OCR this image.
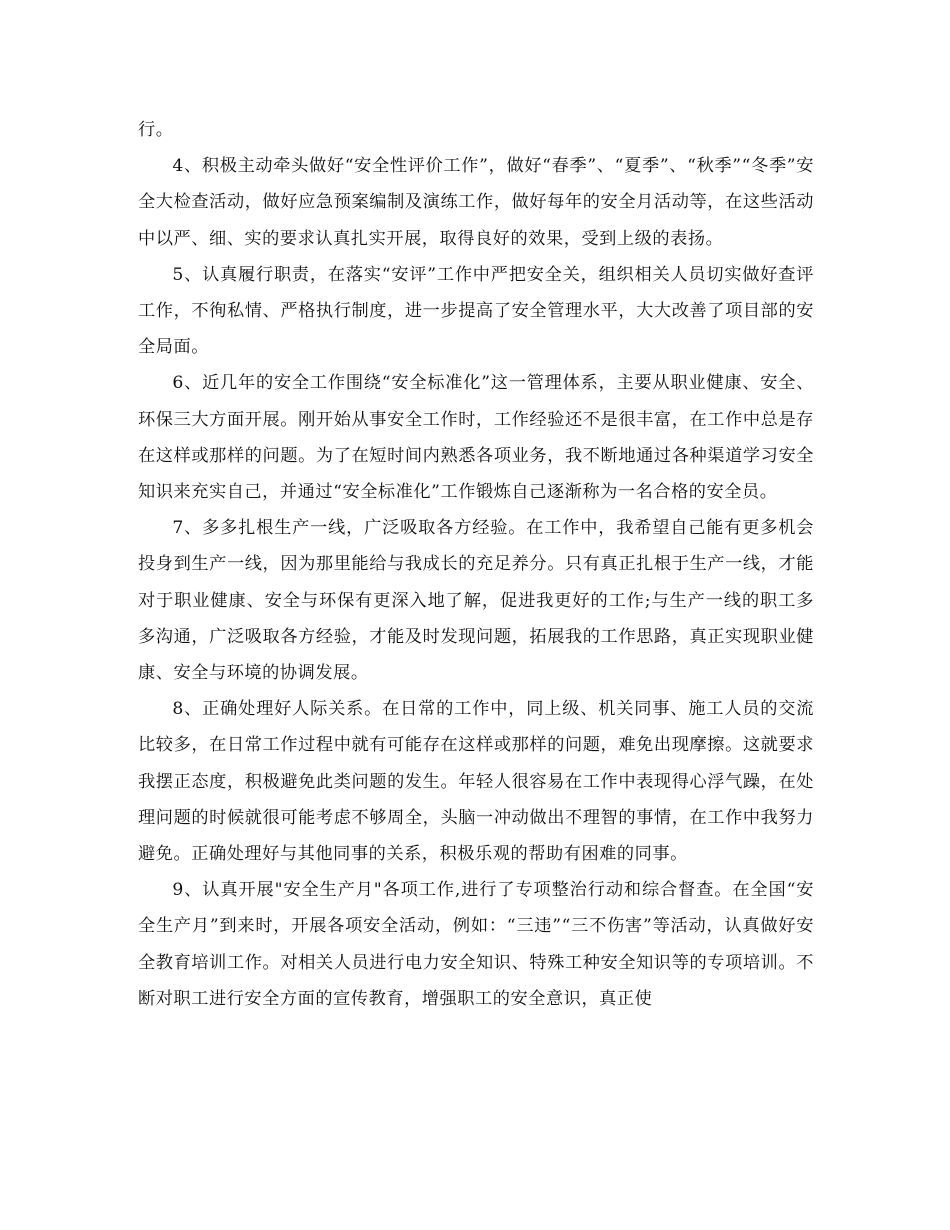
行。

4、积极主动牵头做好“安全性评价工作”，做好“春季”、“夏季”、“秋季”“冬季”安全大检查活动，做好应急预案编制及演练工作，做好每年的安全月活动等，在这些活动中以严、细、实的要求认真扎实开展，取得良好的效果，受到上级的表扬。

5、认真履行职责，在落实“安评”工作中严把安全关，组织相关人员切实做好查评工作，不徇私情、严格执行制度，进一步提高了安全管理水平，大大改善了项目部的安全局面。

6、近几年的安全工作围绕“安全标准化”这一管理体系，主要从职业健康、安全、环保三大方面开展。刚开始从事安全工作时，工作经验还不是很丰富，在工作中总是存在这样或那样的问题。为了在短时间内熟悉各项业务，我不断地通过各种渠道学习安全知识来充实自己，并通过“安全标准化”工作锻炼自己逐渐称为一名合格的安全员。

7、多多扎根生产一线，广泛吸取各方经验。在工作中，我希望自己能有更多机会投身到生产一线，因为那里能给与我成长的充足养分。只有真正扎根于生产一线，才能对于职业健康、安全与环保有更深入地了解，促进我更好的工作;与生产一线的职工多多沟通，广泛吸取各方经验，才能及时发现问题，拓展我的工作思路，真正实现职业健康、安全与环境的协调发展。

8、正确处理好人际关系。在日常的工作中，同上级、机关同事、施工人员的交流比较多，在日常工作过程中就有可能存在这样或那样的问题，难免出现摩擦。这就要求我摆正态度，积极避免此类问题的发生。年轻人很容易在工作中表现得心浮气躁，在处理问题的时候就很可能考虑不够周全，头脑一冲动做出不理智的事情，在工作中我努力避免。正确处理好与其他同事的关系，积极乐观的帮助有困难的同事。

9、认真开展"安全生产月"各项工作,进行了专项整治行动和综合督查。在全国“安全生产月”到来时，开展各项安全活动，例如：“三违”“三不伤害”等活动，认真做好安全教育培训工作。对相关人员进行电力安全知识、特殊工种安全知识等的专项培训。不断对职工进行安全方面的宣传教育，增强职工的安全意识，真正使
